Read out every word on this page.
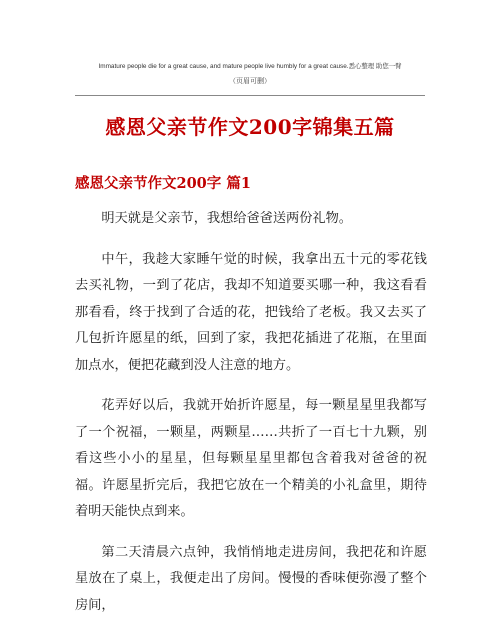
Immature people die for a great cause, and mature people live humbly for a great cause.悉心整理 助您一臂
（页眉可删）
感恩父亲节作文200字锦集五篇
感恩父亲节作文200字 篇1

明天就是父亲节，我想给爸爸送两份礼物。

中午，我趁大家睡午觉的时候，我拿出五十元的零花钱去买礼物，一到了花店，我却不知道要买哪一种，我这看看那看看，终于找到了合适的花，把钱给了老板。我又去买了几包折许愿星的纸，回到了家，我把花插进了花瓶，在里面加点水，便把花藏到没人注意的地方。

花弄好以后，我就开始折许愿星，每一颗星星里我都写了一个祝福，一颗星，两颗星……共折了一百七十九颗，别看这些小小的星星，但每颗星星里都包含着我对爸爸的祝福。许愿星折完后，我把它放在一个精美的小礼盒里，期待着明天能快点到来。

第二天清晨六点钟，我悄悄地走进房间，我把花和许愿星放在了桌上，我便走出了房间。慢慢的香味便弥漫了整个房间，
